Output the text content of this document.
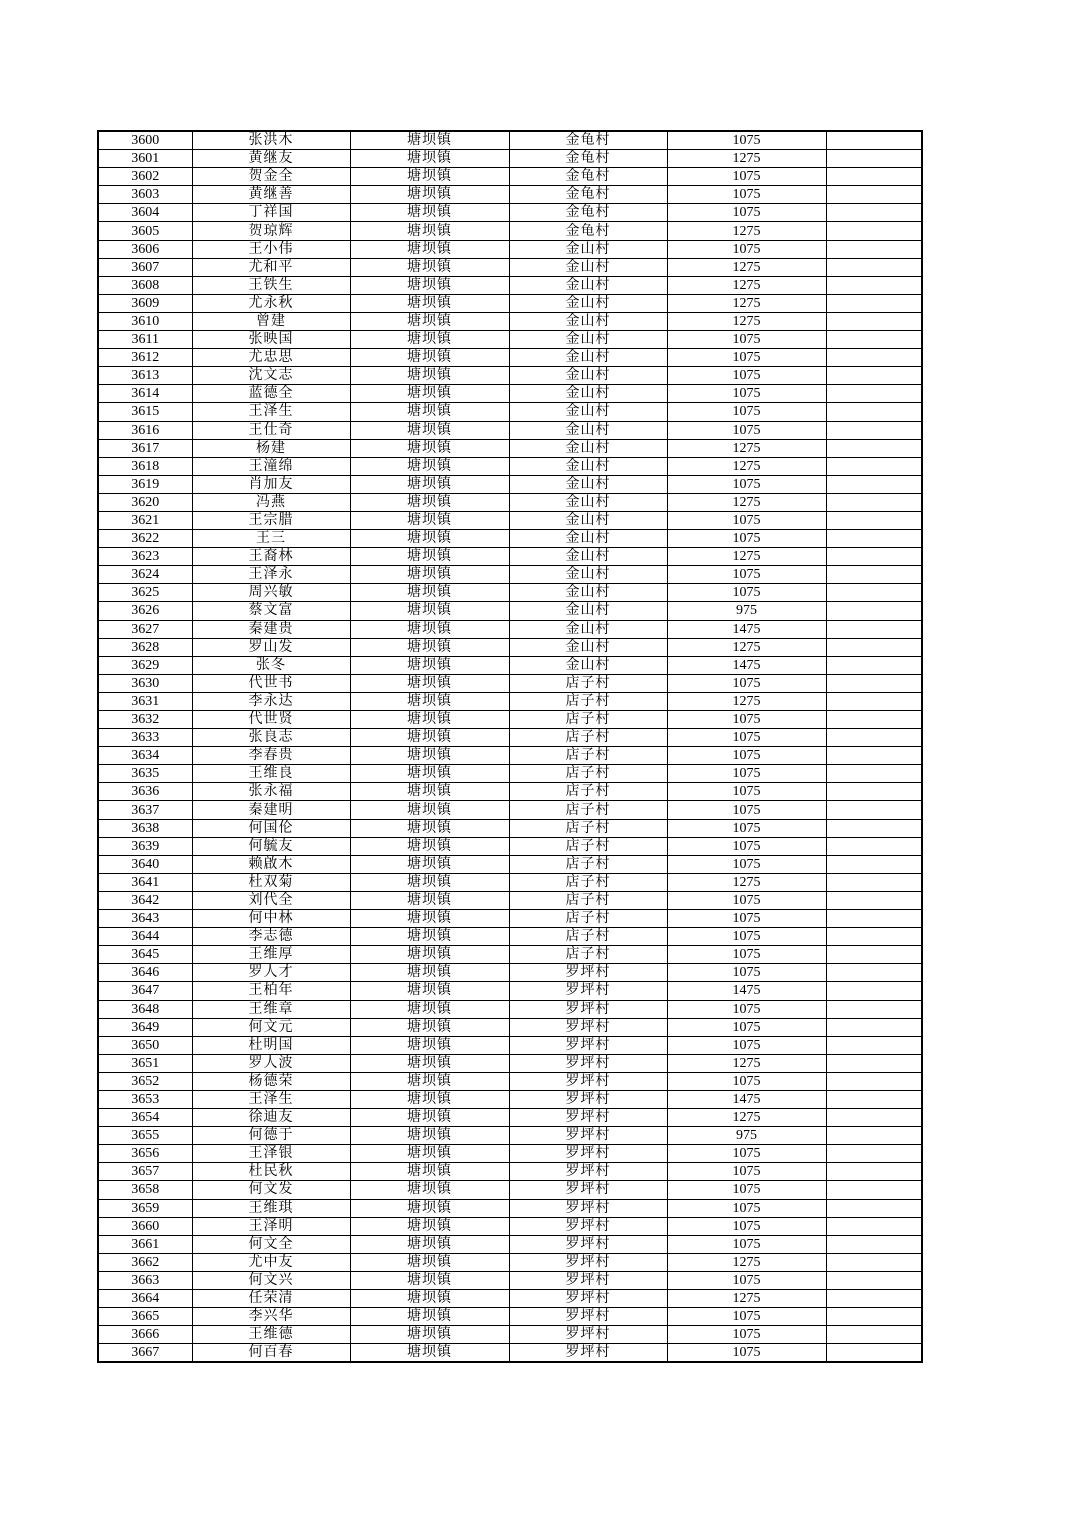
3600	张洪木	塘坝镇	金龟村	1075	
3601	黄继友	塘坝镇	金龟村	1275	
3602	贺金全	塘坝镇	金龟村	1075	
3603	黄继善	塘坝镇	金龟村	1075	
3604	丁祥国	塘坝镇	金龟村	1075	
3605	贺琼辉	塘坝镇	金龟村	1275	
3606	王小伟	塘坝镇	金山村	1075	
3607	尤和平	塘坝镇	金山村	1275	
3608	王铁生	塘坝镇	金山村	1275	
3609	尤永秋	塘坝镇	金山村	1275	
3610	曾建	塘坝镇	金山村	1275	
3611	张映国	塘坝镇	金山村	1075	
3612	尤忠思	塘坝镇	金山村	1075	
3613	沈文志	塘坝镇	金山村	1075	
3614	蓝德全	塘坝镇	金山村	1075	
3615	王泽生	塘坝镇	金山村	1075	
3616	王仕奇	塘坝镇	金山村	1075	
3617	杨建	塘坝镇	金山村	1275	
3618	王潼绵	塘坝镇	金山村	1275	
3619	肖加友	塘坝镇	金山村	1075	
3620	冯燕	塘坝镇	金山村	1275	
3621	王宗腊	塘坝镇	金山村	1075	
3622	王三	塘坝镇	金山村	1075	
3623	王裔林	塘坝镇	金山村	1275	
3624	王泽永	塘坝镇	金山村	1075	
3625	周兴敏	塘坝镇	金山村	1075	
3626	蔡文富	塘坝镇	金山村	975	
3627	秦建贵	塘坝镇	金山村	1475	
3628	罗山发	塘坝镇	金山村	1275	
3629	张冬	塘坝镇	金山村	1475	
3630	代世书	塘坝镇	店子村	1075	
3631	李永达	塘坝镇	店子村	1275	
3632	代世贤	塘坝镇	店子村	1075	
3633	张良志	塘坝镇	店子村	1075	
3634	李春贵	塘坝镇	店子村	1075	
3635	王维良	塘坝镇	店子村	1075	
3636	张永福	塘坝镇	店子村	1075	
3637	秦建明	塘坝镇	店子村	1075	
3638	何国伦	塘坝镇	店子村	1075	
3639	何毓友	塘坝镇	店子村	1075	
3640	赖啟木	塘坝镇	店子村	1075	
3641	杜双菊	塘坝镇	店子村	1275	
3642	刘代全	塘坝镇	店子村	1075	
3643	何中林	塘坝镇	店子村	1075	
3644	李志德	塘坝镇	店子村	1075	
3645	王维厚	塘坝镇	店子村	1075	
3646	罗人才	塘坝镇	罗坪村	1075	
3647	王柏年	塘坝镇	罗坪村	1475	
3648	王维章	塘坝镇	罗坪村	1075	
3649	何文元	塘坝镇	罗坪村	1075	
3650	杜明国	塘坝镇	罗坪村	1075	
3651	罗人波	塘坝镇	罗坪村	1275	
3652	杨德荣	塘坝镇	罗坪村	1075	
3653	王泽生	塘坝镇	罗坪村	1475	
3654	徐迪友	塘坝镇	罗坪村	1275	
3655	何德于	塘坝镇	罗坪村	975	
3656	王泽银	塘坝镇	罗坪村	1075	
3657	杜民秋	塘坝镇	罗坪村	1075	
3658	何文发	塘坝镇	罗坪村	1075	
3659	王维琪	塘坝镇	罗坪村	1075	
3660	王泽明	塘坝镇	罗坪村	1075	
3661	何文全	塘坝镇	罗坪村	1075	
3662	尤中友	塘坝镇	罗坪村	1275	
3663	何文兴	塘坝镇	罗坪村	1075	
3664	任荣清	塘坝镇	罗坪村	1275	
3665	李兴华	塘坝镇	罗坪村	1075	
3666	王维德	塘坝镇	罗坪村	1075	
3667	何百春	塘坝镇	罗坪村	1075	
